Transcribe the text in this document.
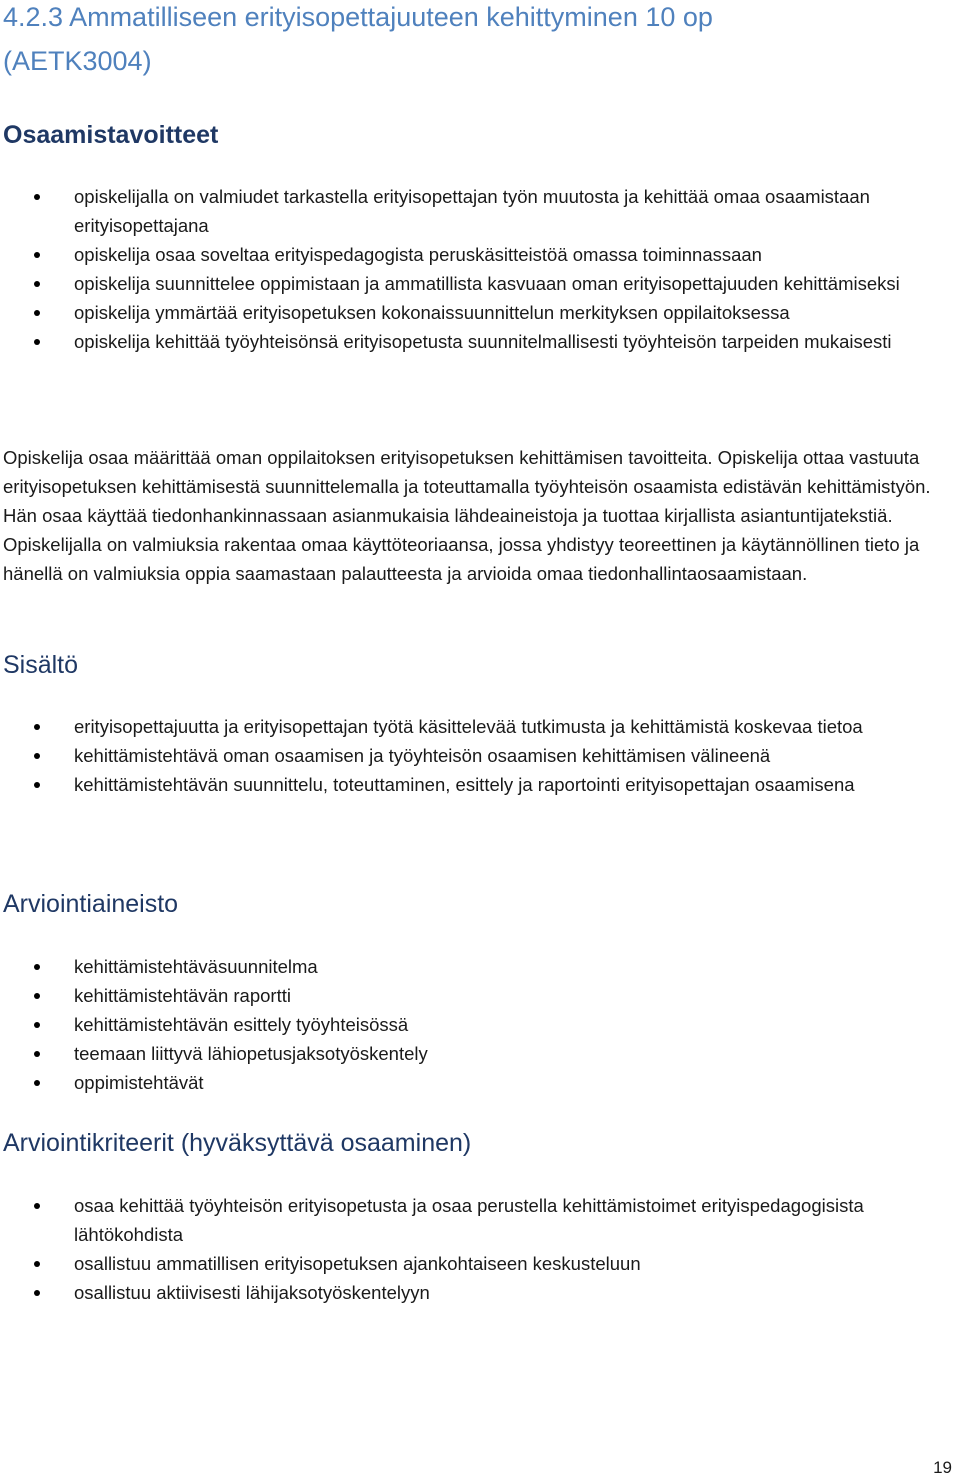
4.2.3 Ammatilliseen erityisopettajuuteen kehittyminen 10 op
(AETK3004)
Osaamistavoitteet
opiskelijalla on valmiudet tarkastella erityisopettajan työn muutosta ja kehittää omaa osaamistaan erityisopettajana
opiskelija osaa soveltaa erityispedagogista peruskäsitteistöä omassa toiminnassaan
opiskelija suunnittelee oppimistaan ja ammatillista kasvuaan oman erityisopettajuuden kehittämiseksi
opiskelija ymmärtää erityisopetuksen kokonaissuunnittelun merkityksen oppilaitoksessa
opiskelija kehittää työyhteisönsä erityisopetusta suunnitelmallisesti työyhteisön tarpeiden mukaisesti

Opiskelija osaa määrittää oman oppilaitoksen erityisopetuksen kehittämisen tavoitteita. Opiskelija ottaa vastuuta erityisopetuksen kehittämisestä suunnittelemalla ja toteuttamalla työyhteisön osaamista edistävän kehittämistyön. Hän osaa käyttää tiedonhankinnassaan asianmukaisia lähdeaineistoja ja tuottaa kirjallista asiantuntijatekstiä. Opiskelijalla on valmiuksia rakentaa omaa käyttöteoriaansa, jossa yhdistyy teoreettinen ja käytännöllinen tieto ja hänellä on valmiuksia oppia saamastaan palautteesta ja arvioida omaa tiedonhallintaosaamistaan.

Sisältö
erityisopettajuutta ja erityisopettajan työtä käsittelevää tutkimusta ja kehittämistä koskevaa tietoa
kehittämistehtävä oman osaamisen ja työyhteisön osaamisen kehittämisen välineenä
kehittämistehtävän suunnittelu, toteuttaminen, esittely ja raportointi erityisopettajan osaamisena
Arviointiaineisto
kehittämistehtäväsuunnitelma
kehittämistehtävän raportti
kehittämistehtävän esittely työyhteisössä
teemaan liittyvä lähiopetusjaksotyöskentely
oppimistehtävät
Arviointikriteerit (hyväksyttävä osaaminen)
osaa kehittää työyhteisön erityisopetusta ja osaa perustella kehittämistoimet erityispedagogisista lähtökohdista
osallistuu ammatillisen erityisopetuksen ajankohtaiseen keskusteluun
osallistuu aktiivisesti lähijaksotyöskentelyyn
19
